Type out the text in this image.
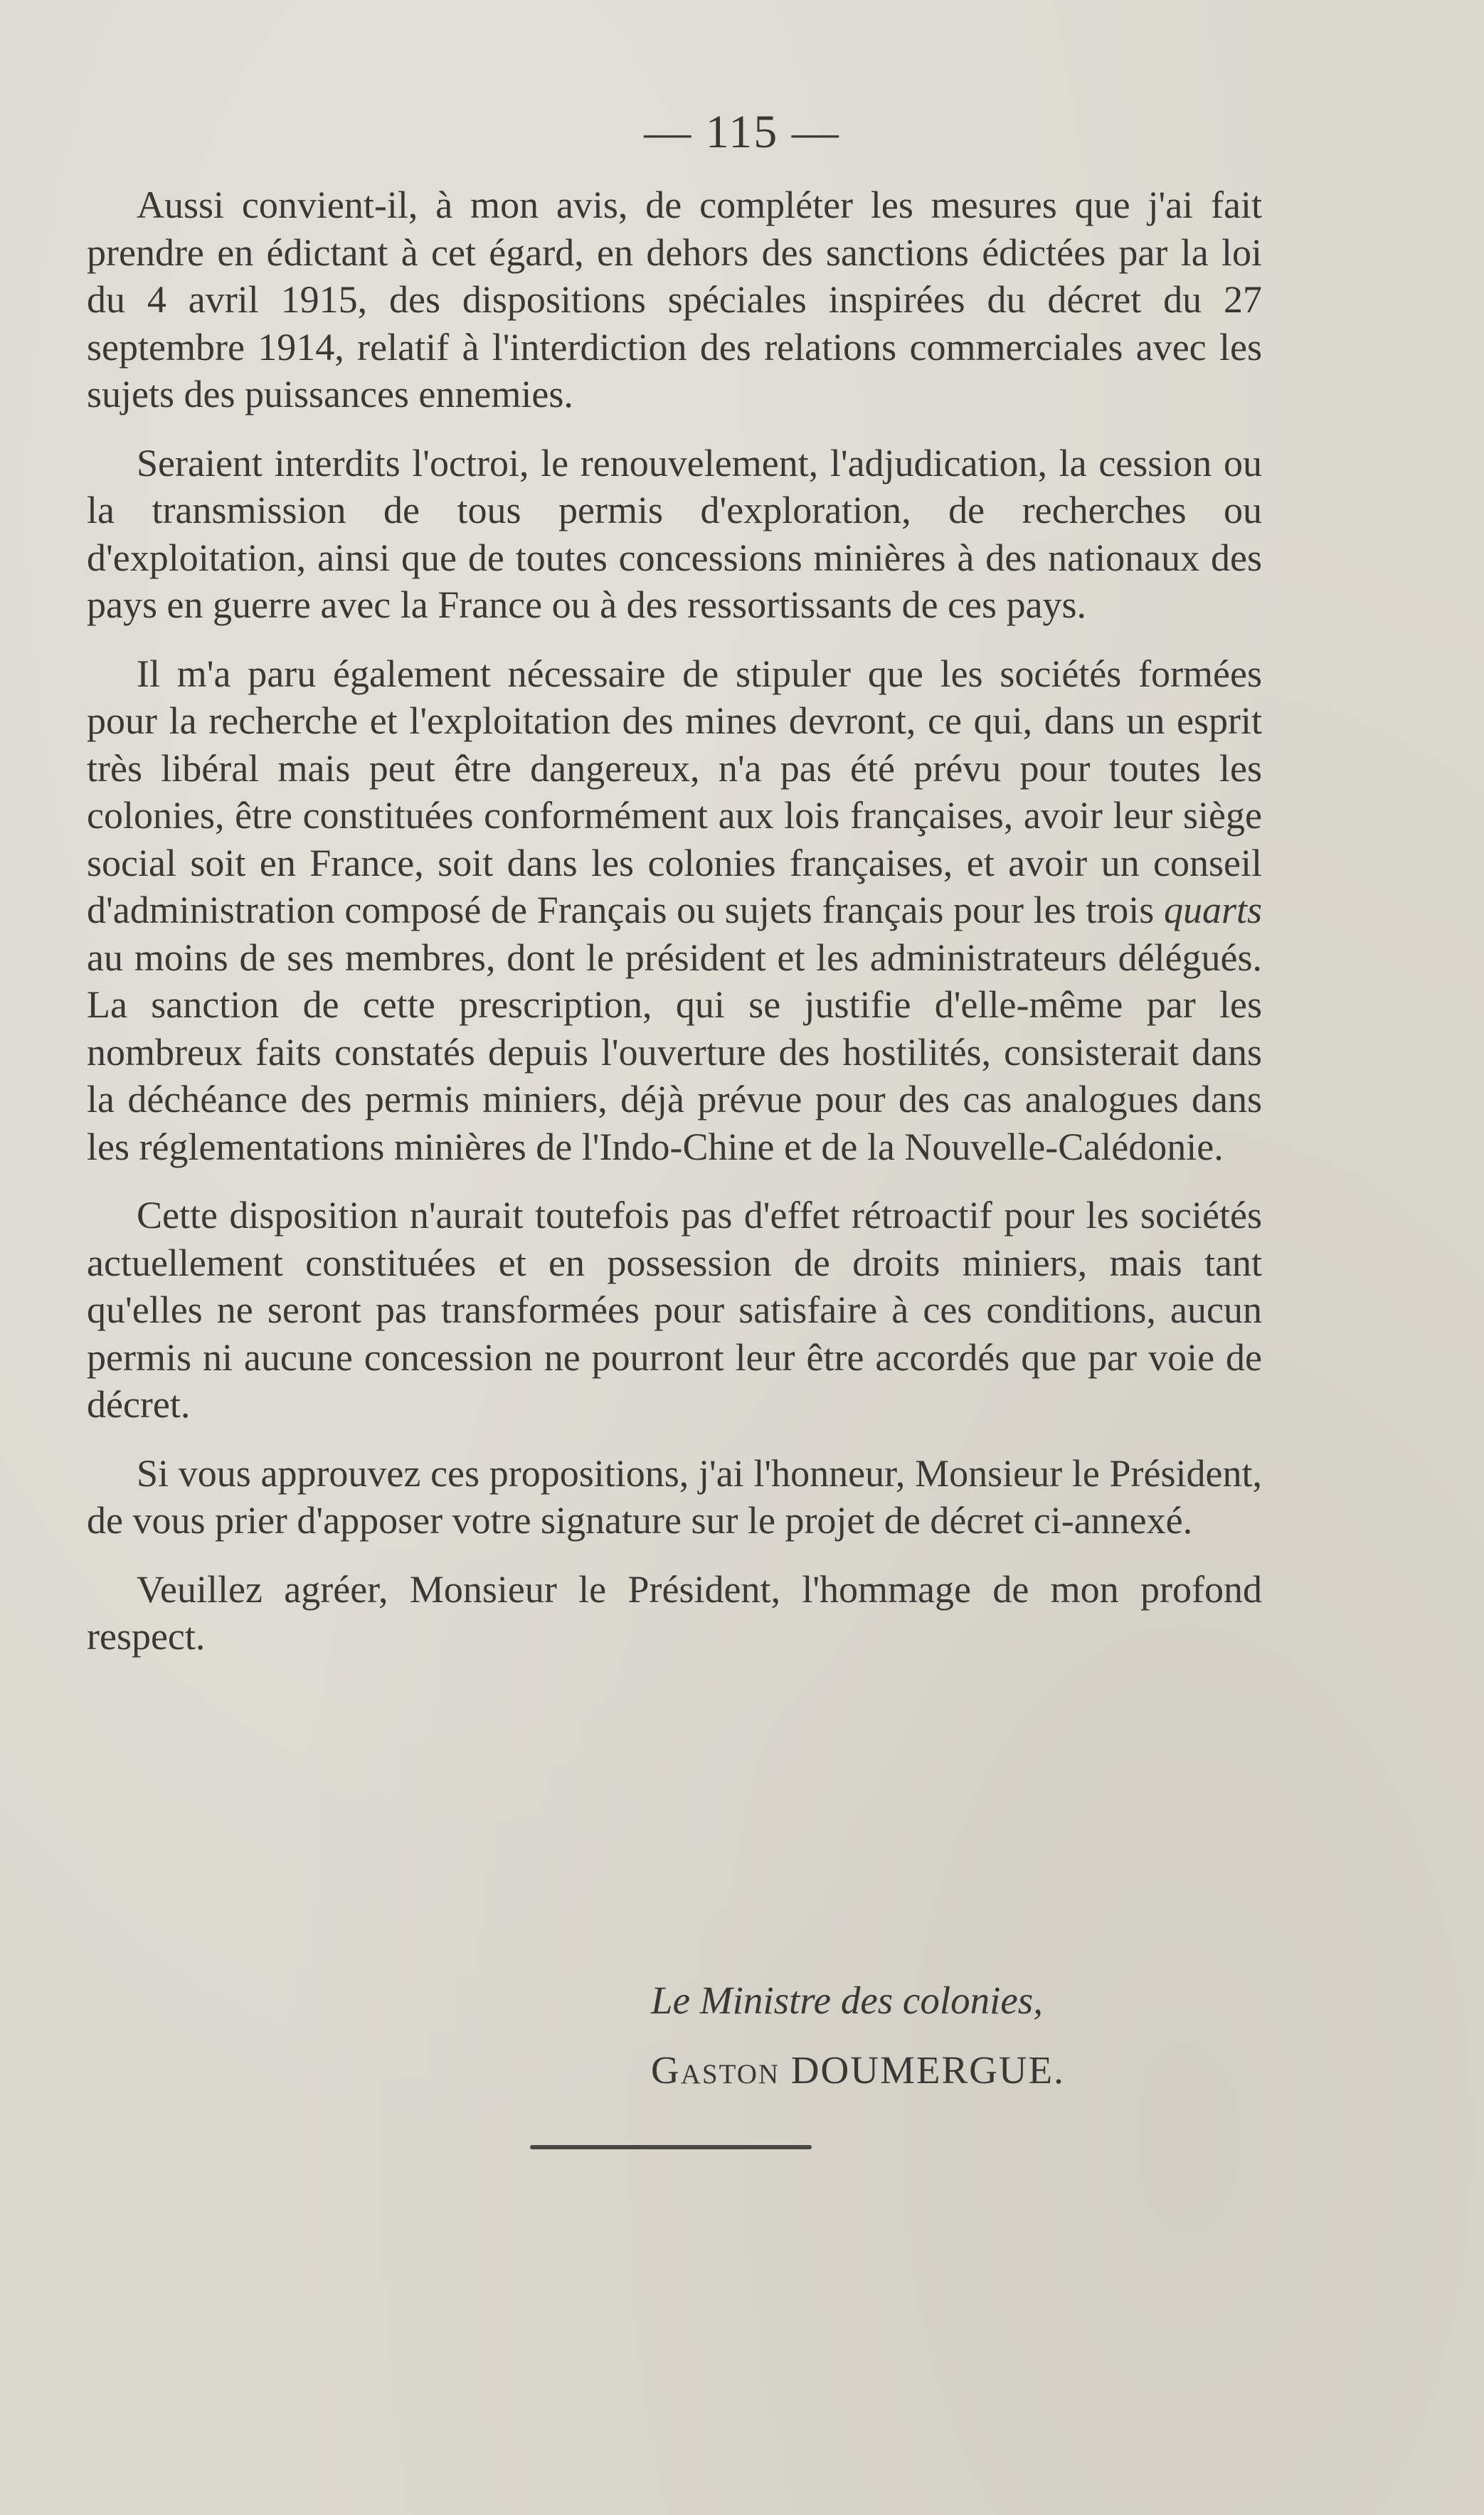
— 115 —

Aussi convient-il, à mon avis, de compléter les mesures que j'ai fait prendre en édictant à cet égard, en dehors des sanctions édictées par la loi du 4 avril 1915, des dispositions spéciales inspirées du décret du 27 septembre 1914, relatif à l'interdiction des relations commerciales avec les sujets des puissances ennemies.

Seraient interdits l'octroi, le renouvelement, l'adjudication, la cession ou la transmission de tous permis d'exploration, de recherches ou d'exploitation, ainsi que de toutes concessions minières à des nationaux des pays en guerre avec la France ou à des ressortissants de ces pays.

Il m'a paru également nécessaire de stipuler que les sociétés formées pour la recherche et l'exploitation des mines devront, ce qui, dans un esprit très libéral mais peut être dangereux, n'a pas été prévu pour toutes les colonies, être constituées conformément aux lois françaises, avoir leur siège social soit en France, soit dans les colonies françaises, et avoir un conseil d'administration composé de Français ou sujets français pour les trois quarts au moins de ses membres, dont le président et les administrateurs délégués. La sanction de cette prescription, qui se justifie d'elle-même par les nombreux faits constatés depuis l'ouverture des hostilités, consisterait dans la déchéance des permis miniers, déjà prévue pour des cas analogues dans les réglementations minières de l'Indo-Chine et de la Nouvelle-Calédonie.

Cette disposition n'aurait toutefois pas d'effet rétroactif pour les sociétés actuellement constituées et en possession de droits miniers, mais tant qu'elles ne seront pas transformées pour satisfaire à ces conditions, aucun permis ni aucune concession ne pourront leur être accordés que par voie de décret.

Si vous approuvez ces propositions, j'ai l'honneur, Monsieur le Président, de vous prier d'apposer votre signature sur le projet de décret ci-annexé.

Veuillez agréer, Monsieur le Président, l'hommage de mon profond respect.

Le Ministre des colonies,
Gaston DOUMERGUE.
